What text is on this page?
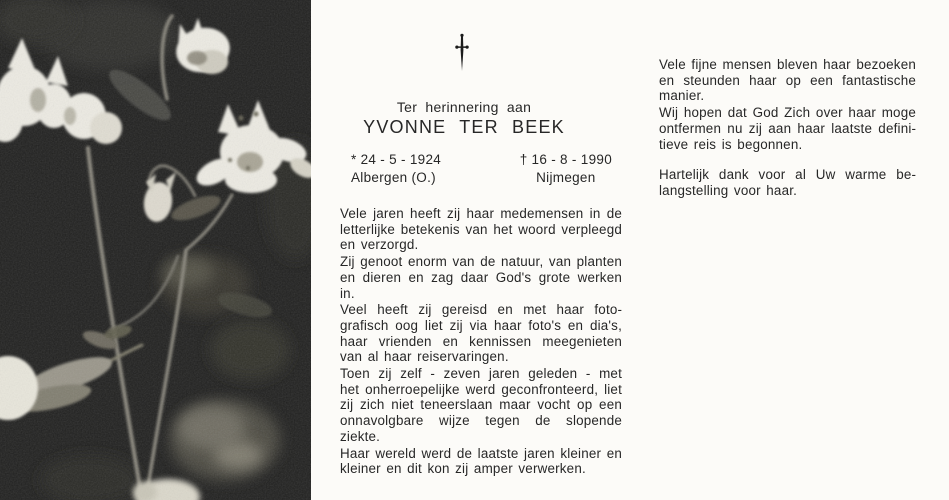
Ter herinnering aan
YVONNE TER BEEK
* 24 - 5 - 1924
Albergen (O.)
† 16 - 8 - 1990
Nijmegen

Vele jaren heeft zij haar medemensen in de letterlijke betekenis van het woord verpleegd en verzorgd.

Zij genoot enorm van de natuur, van planten en dieren en zag daar God's grote werken in.

Veel heeft zij gereisd en met haar fotografisch oog liet zij via haar foto's en dia's, haar vrienden en kennissen meegenieten van al haar reiservaringen.

Toen zij zelf - zeven jaren geleden - met het onherroepelijke werd geconfronteerd, liet zij zich niet teneerslaan maar vocht op een onnavolgbare wijze tegen de slopende ziekte.

Haar wereld werd de laatste jaren kleiner en kleiner en dit kon zij amper verwerken.

Vele fijne mensen bleven haar bezoeken en steunden haar op een fantastische manier.

Wij hopen dat God Zich over haar moge ontfermen nu zij aan haar laatste definitieve reis is begonnen.

Hartelijk dank voor al Uw warme belangstelling voor haar.
